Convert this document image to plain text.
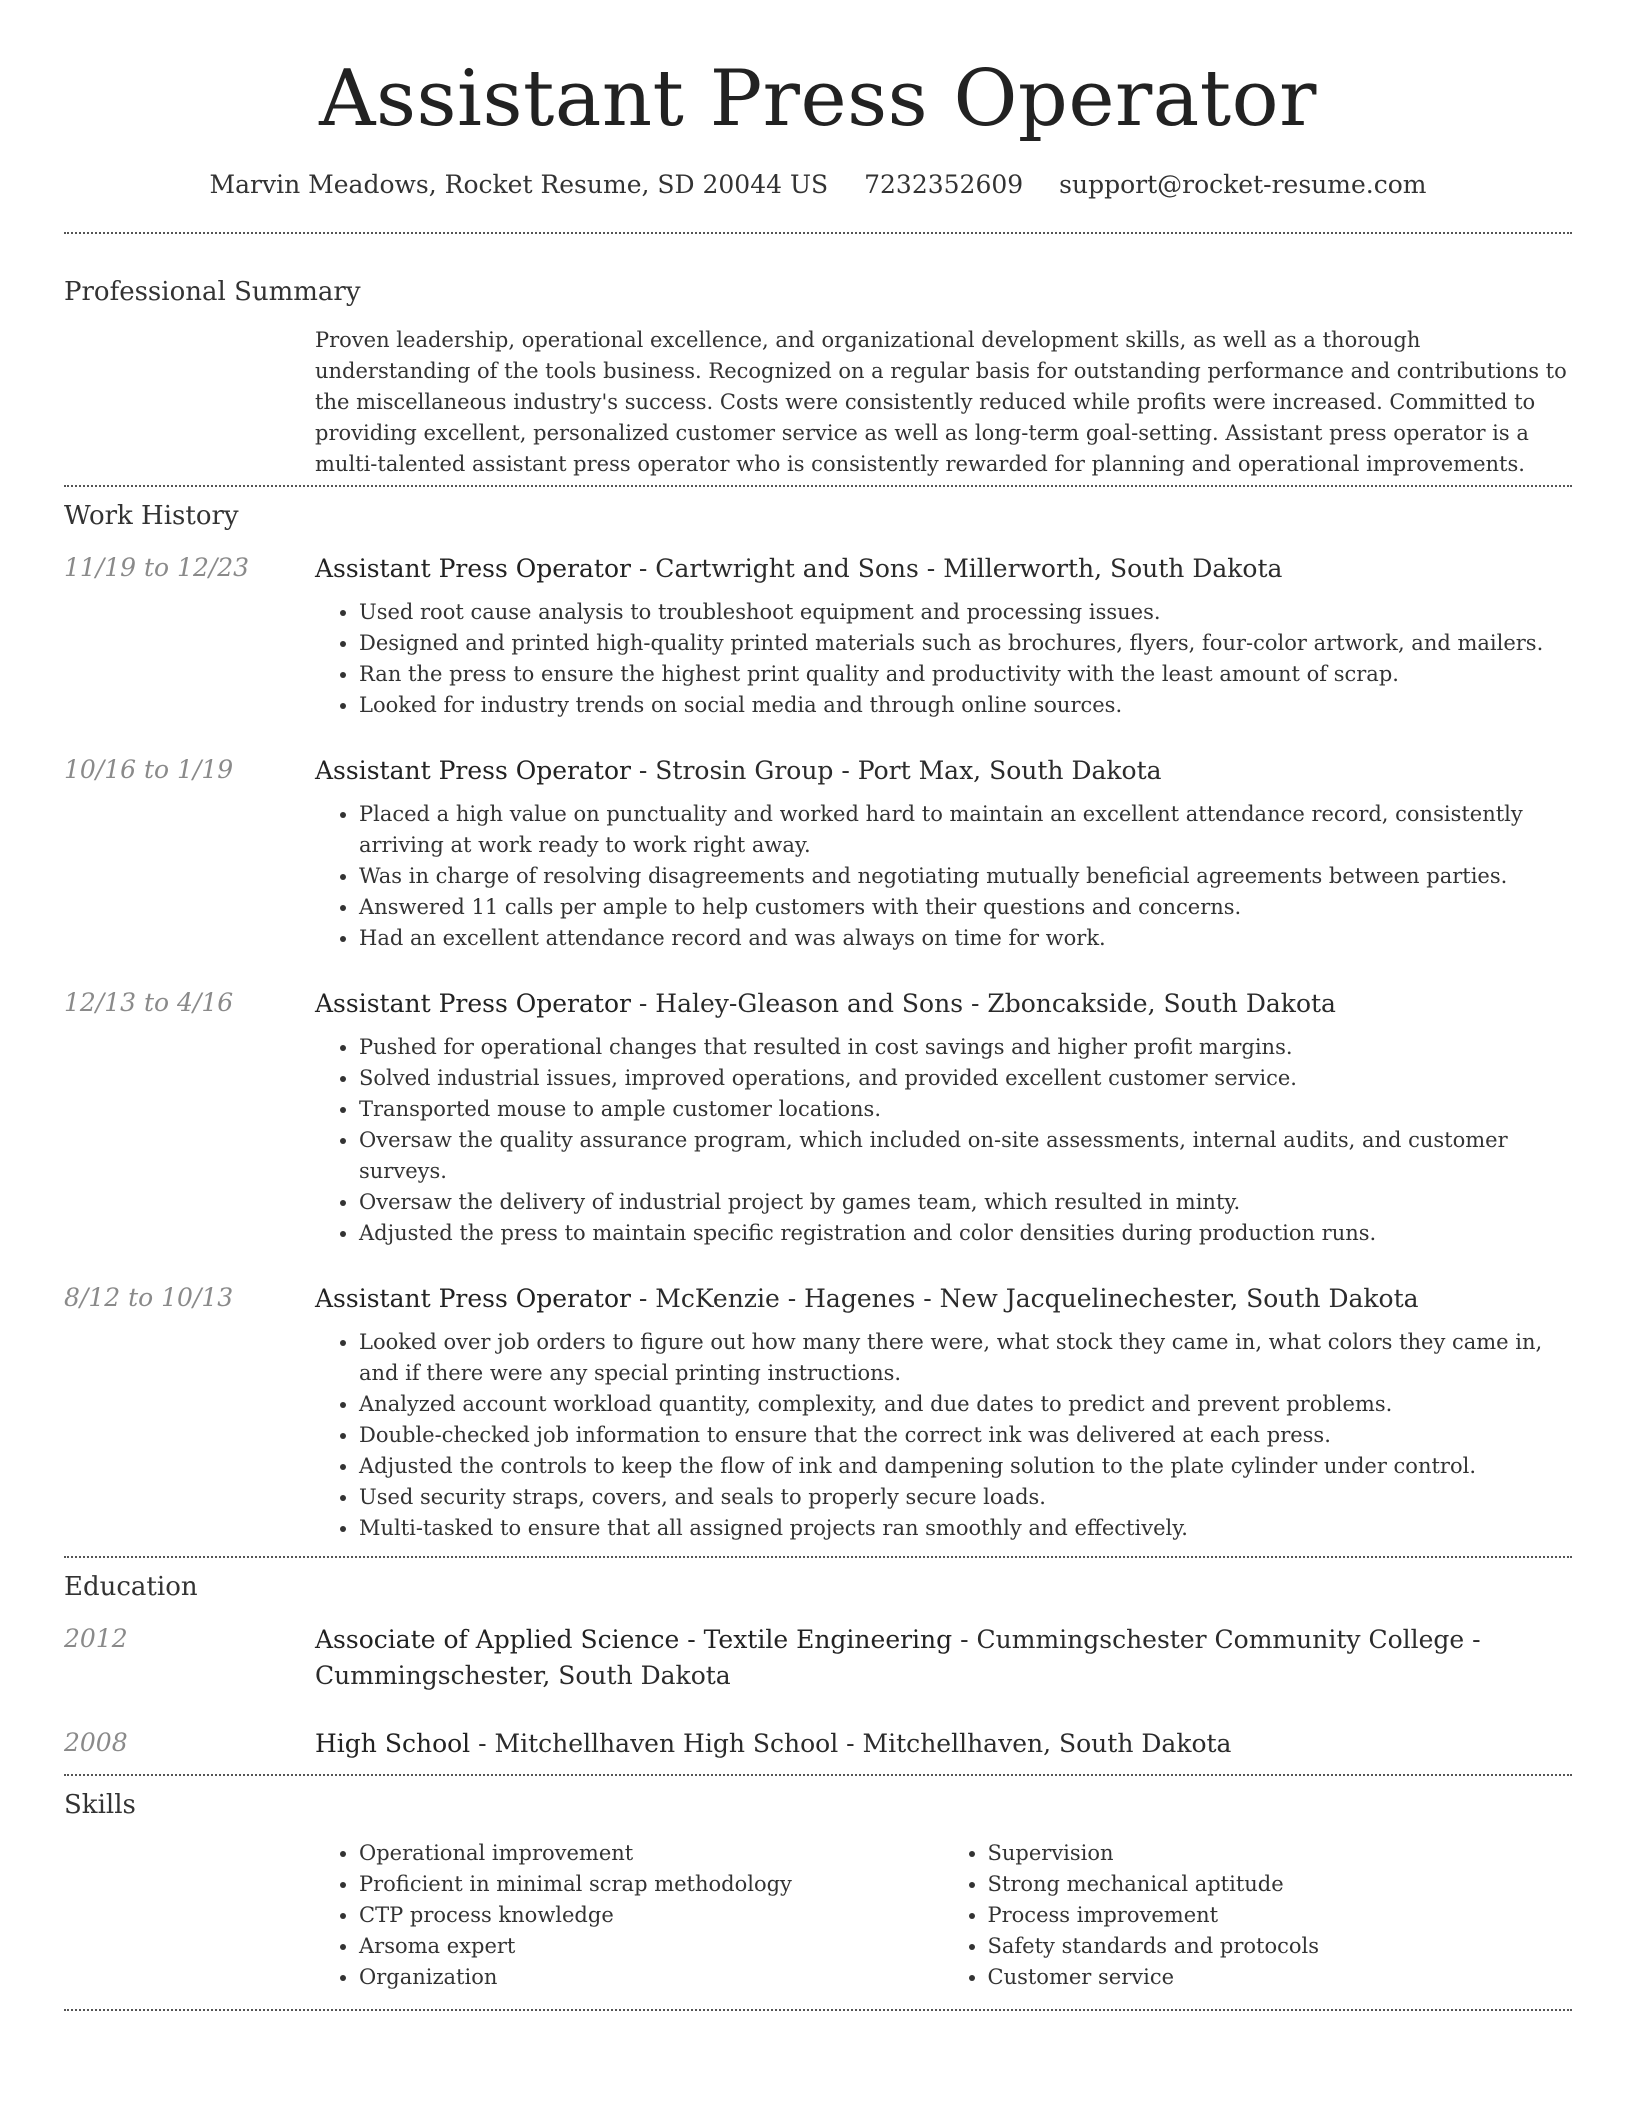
Assistant Press Operator
Marvin Meadows, Rocket Resume, SD 20044 US 7232352609 support@rocket-resume.com
Professional Summary
Proven leadership, operational excellence, and organizational development skills, as well as a thorough understanding of the tools business. Recognized on a regular basis for outstanding performance and contributions to the miscellaneous industry's success. Costs were consistently reduced while profits were increased. Committed to providing excellent, personalized customer service as well as long-term goal-setting. Assistant press operator is a multi-talented assistant press operator who is consistently rewarded for planning and operational improvements.
Work History
11/19 to 12/23	Assistant Press Operator - Cartwright and Sons - Millerworth, South Dakota
• Used root cause analysis to troubleshoot equipment and processing issues.
• Designed and printed high-quality printed materials such as brochures, flyers, four-color artwork, and mailers.
• Ran the press to ensure the highest print quality and productivity with the least amount of scrap.
• Looked for industry trends on social media and through online sources.
10/16 to 1/19	Assistant Press Operator - Strosin Group - Port Max, South Dakota
• Placed a high value on punctuality and worked hard to maintain an excellent attendance record, consistently arriving at work ready to work right away.
• Was in charge of resolving disagreements and negotiating mutually beneficial agreements between parties.
• Answered 11 calls per ample to help customers with their questions and concerns.
• Had an excellent attendance record and was always on time for work.
12/13 to 4/16	Assistant Press Operator - Haley-Gleason and Sons - Zboncakside, South Dakota
• Pushed for operational changes that resulted in cost savings and higher profit margins.
• Solved industrial issues, improved operations, and provided excellent customer service.
• Transported mouse to ample customer locations.
• Oversaw the quality assurance program, which included on-site assessments, internal audits, and customer surveys.
• Oversaw the delivery of industrial project by games team, which resulted in minty.
• Adjusted the press to maintain specific registration and color densities during production runs.
8/12 to 10/13	Assistant Press Operator - McKenzie - Hagenes - New Jacquelinechester, South Dakota
• Looked over job orders to figure out how many there were, what stock they came in, what colors they came in, and if there were any special printing instructions.
• Analyzed account workload quantity, complexity, and due dates to predict and prevent problems.
• Double-checked job information to ensure that the correct ink was delivered at each press.
• Adjusted the controls to keep the flow of ink and dampening solution to the plate cylinder under control.
• Used security straps, covers, and seals to properly secure loads.
• Multi-tasked to ensure that all assigned projects ran smoothly and effectively.
Education
2012	Associate of Applied Science - Textile Engineering - Cummingschester Community College - Cummingschester, South Dakota
2008	High School - Mitchellhaven High School - Mitchellhaven, South Dakota
Skills
• Operational improvement
• Proficient in minimal scrap methodology
• CTP process knowledge
• Arsoma expert
• Organization
• Supervision
• Strong mechanical aptitude
• Process improvement
• Safety standards and protocols
• Customer service
